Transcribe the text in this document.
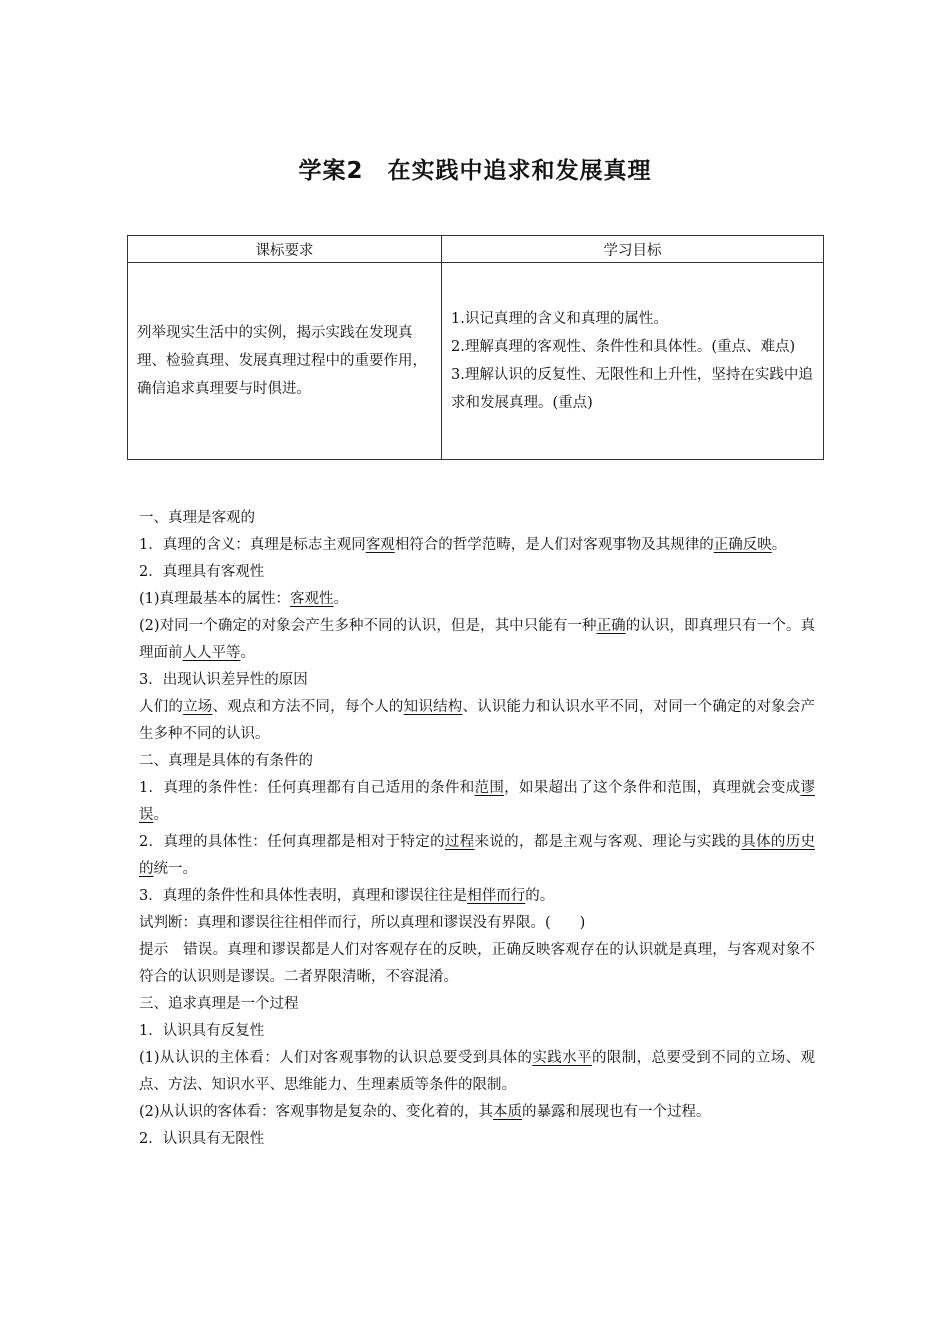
学案2　在实践中追求和发展真理
课标要求	学习目标

列举现实生活中的实例，揭示实践在发现真理、检验真理、发展真理过程中的重要作用，确信追求真理要与时俱进。	1.识记真理的含义和真理的属性。
2.理解真理的客观性、条件性和具体性。(重点、难点)
3.理解认识的反复性、无限性和上升性，坚持在实践中追求和发展真理。(重点)

一、真理是客观的

1．真理的含义：真理是标志主观同客观相符合的哲学范畴，是人们对客观事物及其规律的正确反映。

2．真理具有客观性

(1)真理最基本的属性：客观性。

(2)对同一个确定的对象会产生多种不同的认识，但是，其中只能有一种正确的认识，即真理只有一个。真理面前人人平等。

3．出现认识差异性的原因

人们的立场、观点和方法不同，每个人的知识结构、认识能力和认识水平不同，对同一个确定的对象会产生多种不同的认识。

二、真理是具体的有条件的

1．真理的条件性：任何真理都有自己适用的条件和范围，如果超出了这个条件和范围，真理就会变成谬误。

2．真理的具体性：任何真理都是相对于特定的过程来说的，都是主观与客观、理论与实践的具体的历史的统一。

3．真理的条件性和具体性表明，真理和谬误往往是相伴而行的。

试判断：真理和谬误往往相伴而行，所以真理和谬误没有界限。(　　)

提示　错误。真理和谬误都是人们对客观存在的反映，正确反映客观存在的认识就是真理，与客观对象不符合的认识则是谬误。二者界限清晰，不容混淆。

三、追求真理是一个过程

1．认识具有反复性

(1)从认识的主体看：人们对客观事物的认识总要受到具体的实践水平的限制，总要受到不同的立场、观点、方法、知识水平、思维能力、生理素质等条件的限制。

(2)从认识的客体看：客观事物是复杂的、变化着的，其本质的暴露和展现也有一个过程。

2．认识具有无限性
